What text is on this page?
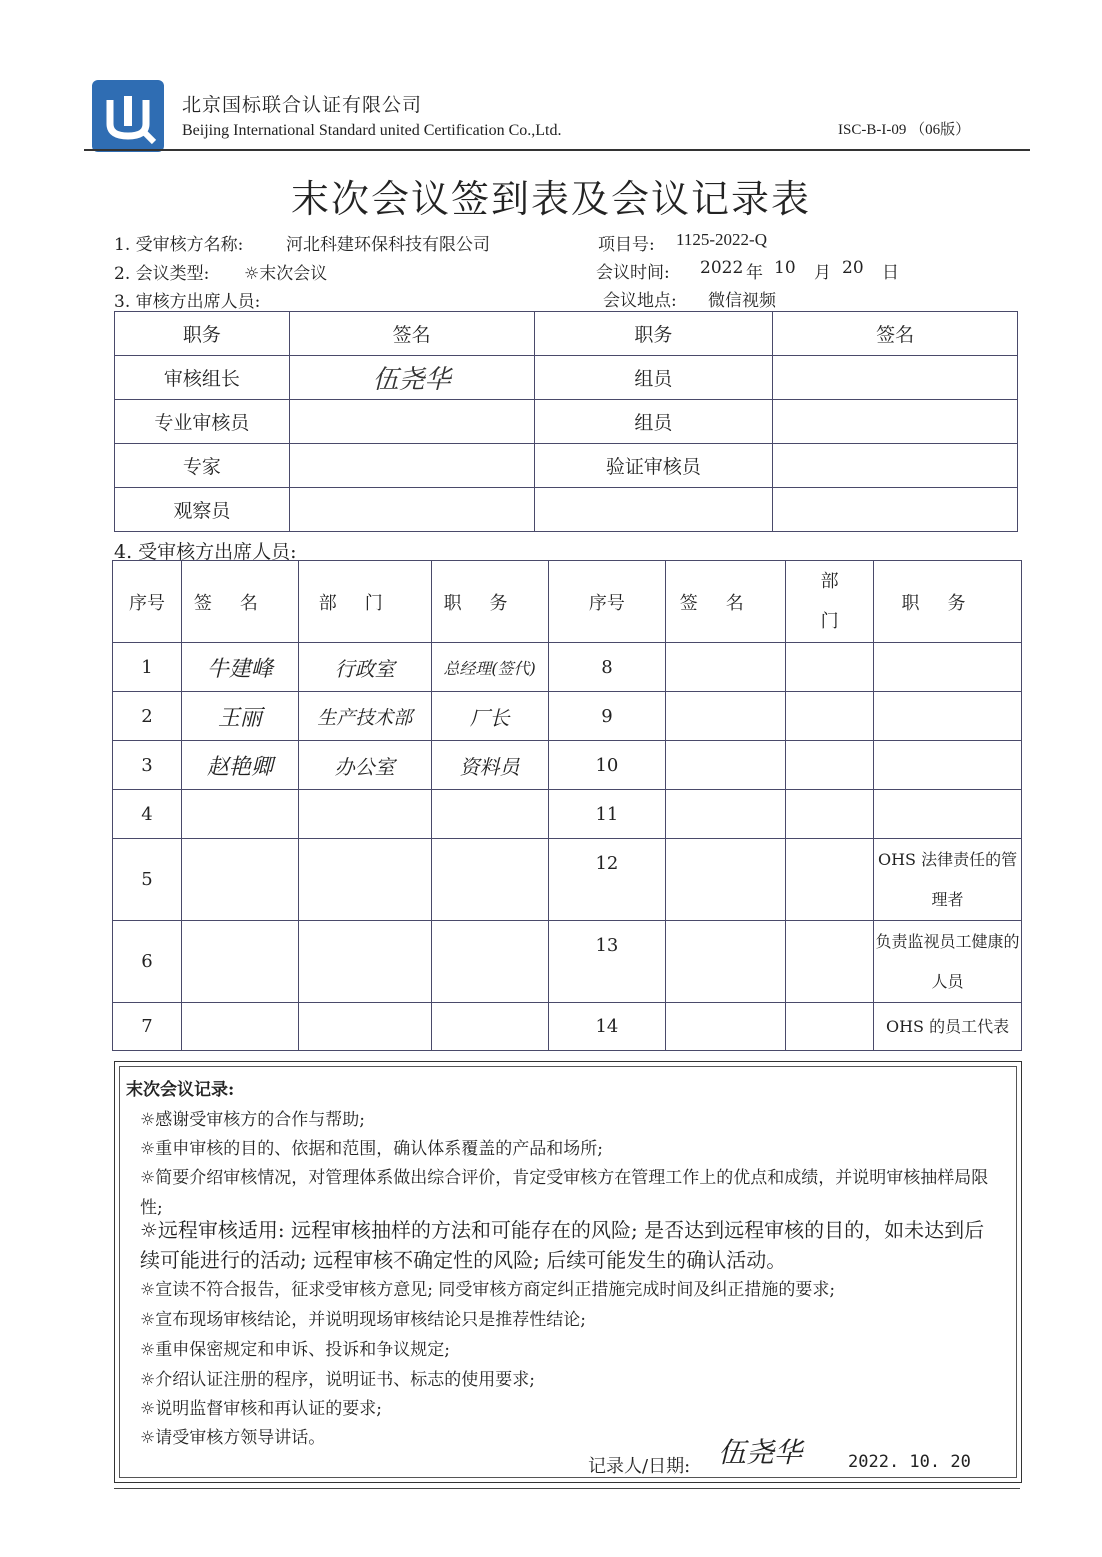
北京国标联合认证有限公司
Beijing International Standard united Certification Co.,Ltd.	ISC-B-I-09 （06版）
末次会议签到表及会议记录表
1. 受审核方名称:	河北科建环保科技有限公司	项目号: 1125-2022-Q
2. 会议类型: ☼末次会议	会议时间: 2022 年 10 月 20 日
3. 审核方出席人员:	会议地点: 微信视频
职务	签名	职务	签名
审核组长	伍尧华	组员	
专业审核员		组员	
专家		验证审核员	
观察员			
4. 受审核方出席人员:
序号	签名	部门	职务	序号	签名	部门	职务
1	牛建峰	行政室	总经理(签代)	8			
2	王丽	生产技术部	厂长	9			
3	赵艳卿	办公室	资料员	10			
4				11			
5				12			OHS 法律责任的管理者
6				13			负责监视员工健康的人员
7				14			OHS 的员工代表
末次会议记录:
☼感谢受审核方的合作与帮助;
☼重申审核的目的、依据和范围，确认体系覆盖的产品和场所;
☼简要介绍审核情况，对管理体系做出综合评价，肯定受审核方在管理工作上的优点和成绩，并说明审核抽样局限性;
☼远程审核适用: 远程审核抽样的方法和可能存在的风险; 是否达到远程审核的目的，如未达到后续可能进行的活动; 远程审核不确定性的风险; 后续可能发生的确认活动。
☼宣读不符合报告，征求受审核方意见; 同受审核方商定纠正措施完成时间及纠正措施的要求;
☼宣布现场审核结论，并说明现场审核结论只是推荐性结论;
☼重申保密规定和申诉、投诉和争议规定;
☼介绍认证注册的程序，说明证书、标志的使用要求;
☼说明监督审核和再认证的要求;
☼请受审核方领导讲话。
记录人/日期: 伍尧华	2022. 10. 20
